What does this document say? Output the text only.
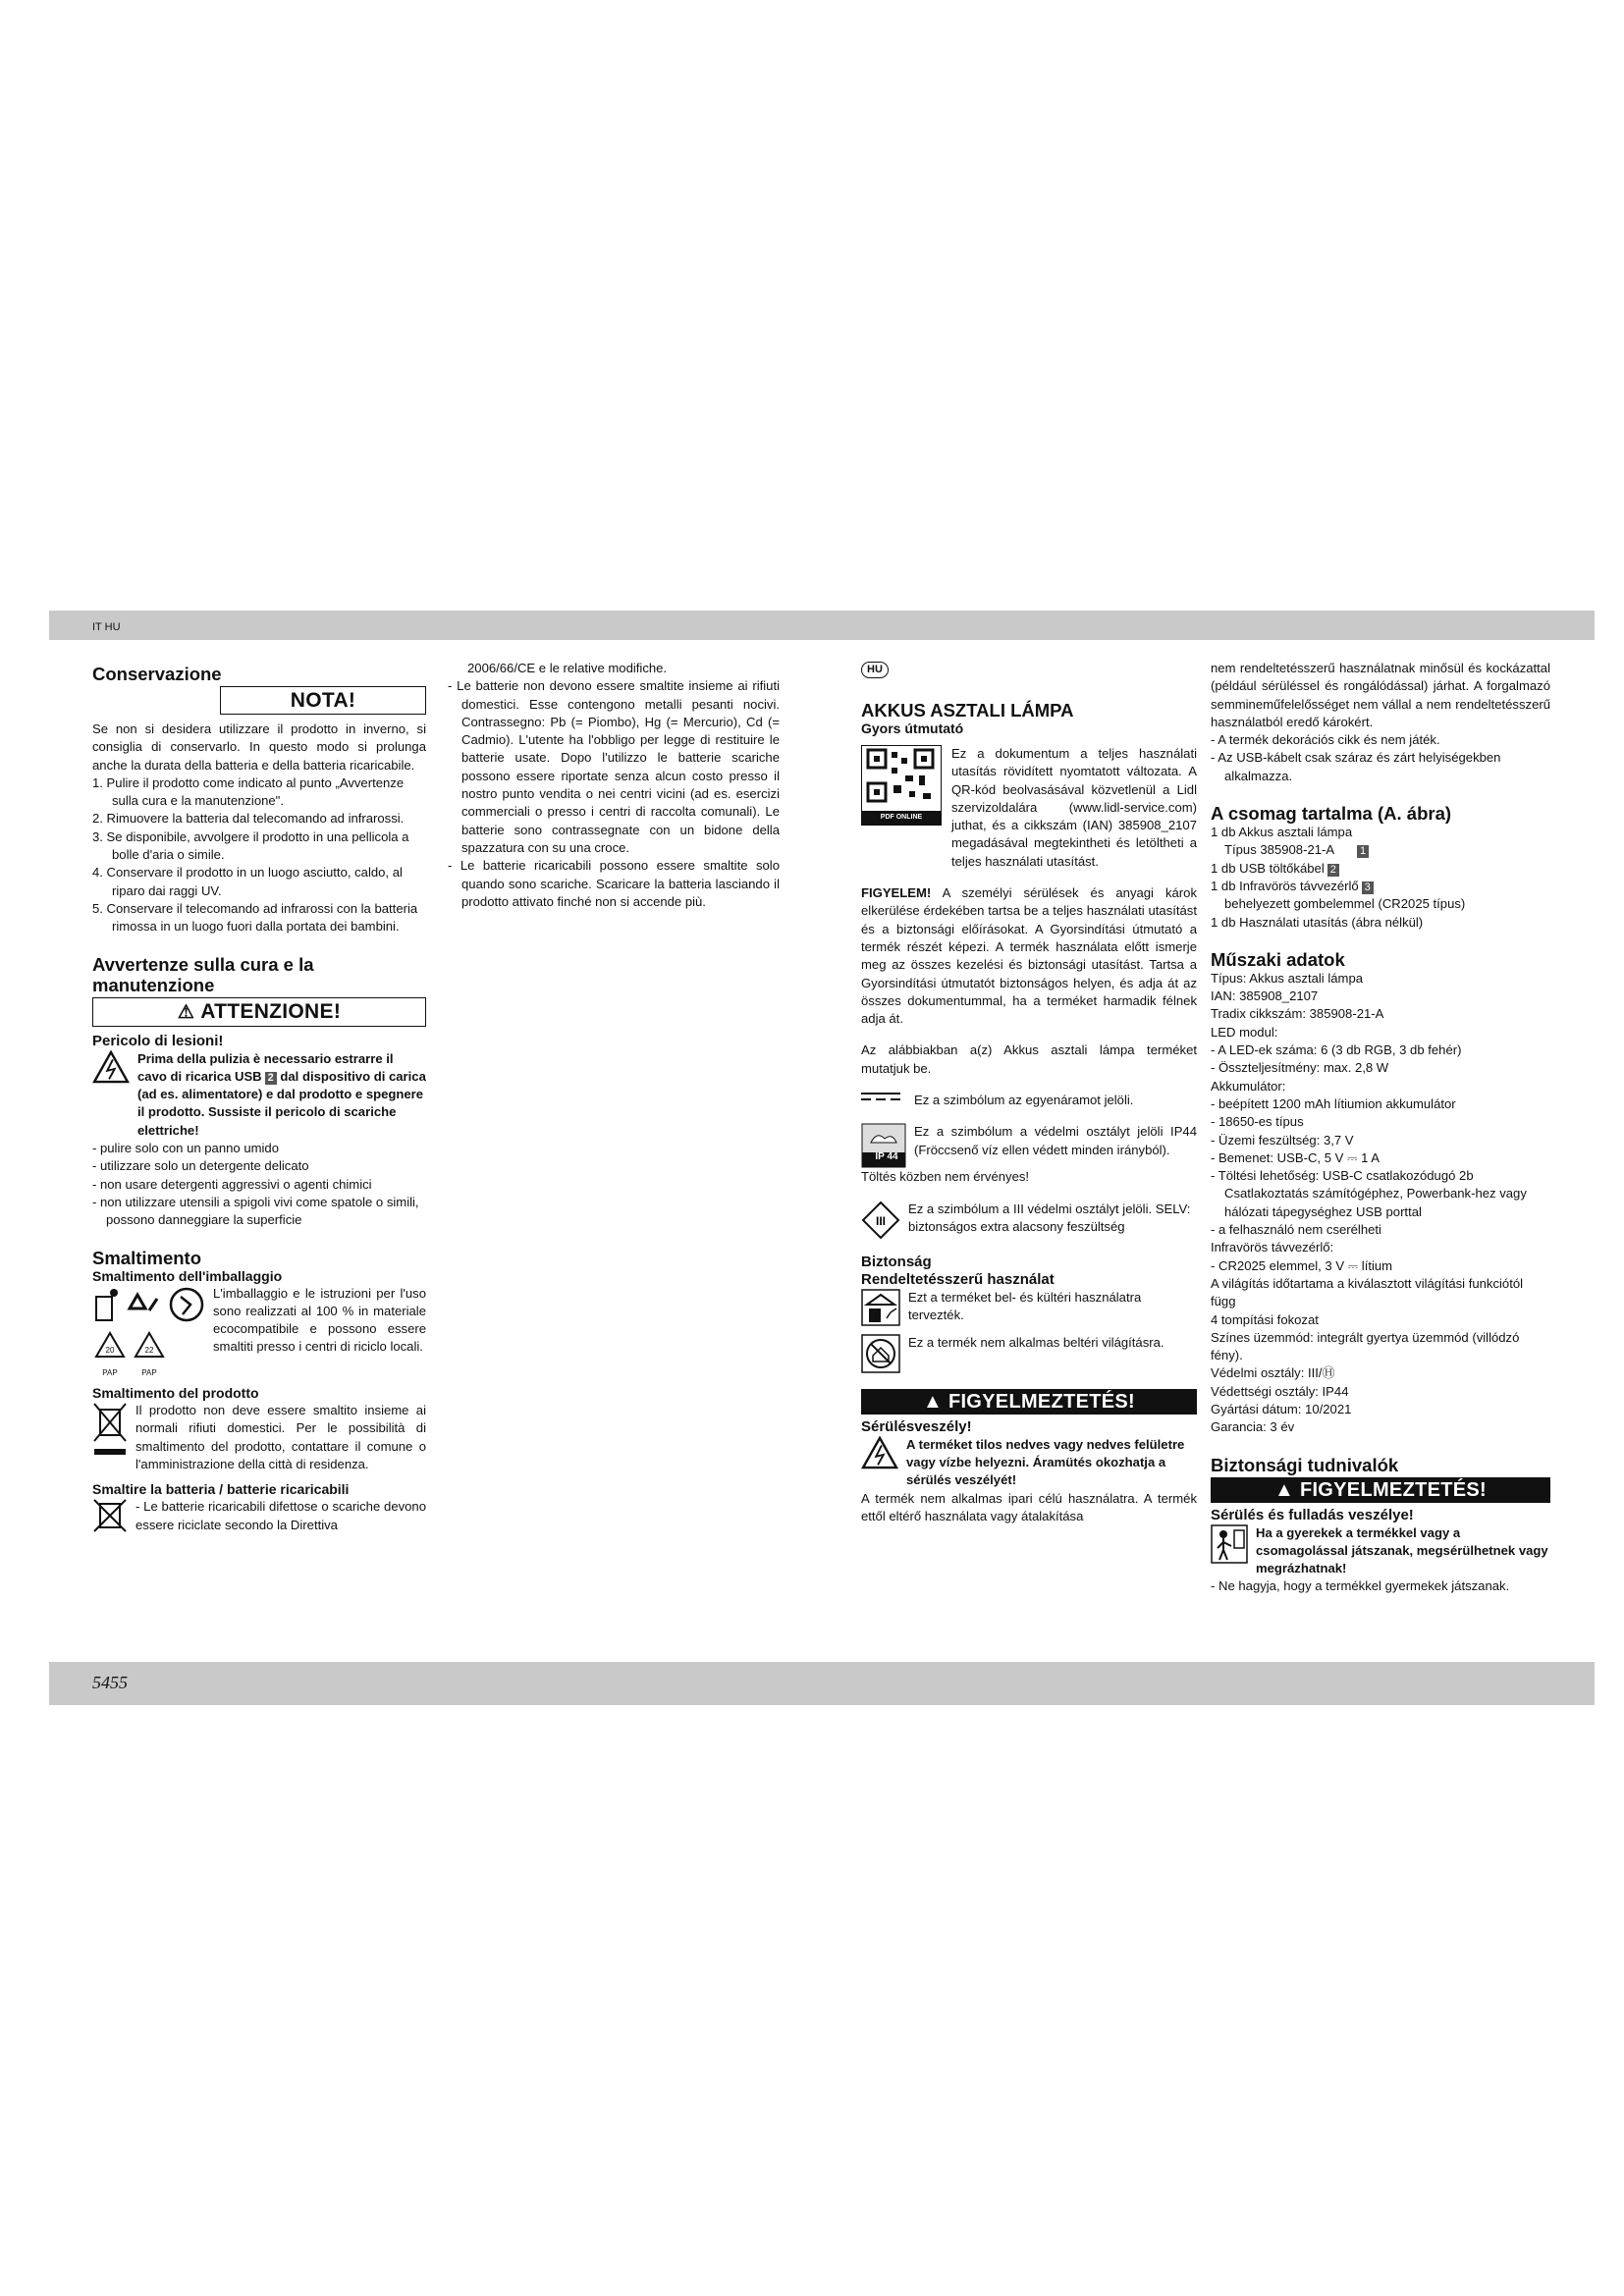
IT HU
Conservazione
NOTA!

Se non si desidera utilizzare il prodotto in inverno, si consiglia di conservarlo. In questo modo si prolunga anche la durata della batteria e della batteria ricaricabile.

1. Pulire il prodotto come indicato al punto „Avvertenze sulla cura e la manutenzione".

2. Rimuovere la batteria dal telecomando ad infrarossi.

3. Se disponibile, avvolgere il prodotto in una pellicola a bolle d'aria o simile.

4. Conservare il prodotto in un luogo asciutto, caldo, al riparo dai raggi UV.

5. Conservare il telecomando ad infrarossi con la batteria rimossa in un luogo fuori dalla portata dei bambini.

Avvertenze sulla cura e la manutenzione
⚠ ATTENZIONE!
Pericolo di lesioni!

Prima della pulizia è necessario estrarre il cavo di ricarica USB 2 dal dispositivo di carica (ad es. alimentatore) e dal prodotto e spegnere il prodotto. Sussiste il pericolo di scariche elettriche!

- pulire solo con un panno umido

- utilizzare solo un detergente delicato

- non usare detergenti aggressivi o agenti chimici

- non utilizzare utensili a spigoli vivi come spatole o simili, possono danneggiare la superficie

Smaltimento
Smaltimento dell'imballaggio

20	22
PAP	PAP

L'imballaggio e le istruzioni per l'uso sono realizzati al 100 % in materiale ecocompatibile e possono essere smaltiti presso i centri di riciclo locali.

Smaltimento del prodotto

Il prodotto non deve essere smaltito insieme ai normali rifiuti domestici. Per le possibilità di smaltimento del prodotto, contattare il comune o l'amministrazione della città di residenza.

Smaltire la batteria / batterie ricaricabili

- Le batterie ricaricabili difettose o scariche devono essere riciclate secondo la Direttiva

2006/66/CE e le relative modifiche.

- Le batterie non devono essere smaltite insieme ai rifiuti domestici. Esse contengono metalli pesanti nocivi. Contrassegno: Pb (= Piombo), Hg (= Mercurio), Cd (= Cadmio). L'utente ha l'obbligo per legge di restituire le batterie usate. Dopo l'utilizzo le batterie scariche possono essere riportate senza alcun costo presso il nostro punto vendita o nei centri vicini (ad es. esercizi commerciali o presso i centri di raccolta comunali). Le batterie sono contrassegnate con un bidone della spazzatura con su una croce.

- Le batterie ricaricabili possono essere smaltite solo quando sono scariche. Scaricare la batteria lasciando il prodotto attivato finché non si accende più.

HU
AKKUS ASZTALI LÁMPA
Gyors útmutató
PDF ONLINE

Ez a dokumentum a teljes használati utasítás rövidített nyomtatott változata. A QR-kód beolvasásával közvetlenül a Lidl szervizoldalára (www.lidl-service.com) juthat, és a cikkszám (IAN) 385908_2107 megadásával megtekintheti és letöltheti a teljes használati utasítást.

FIGYELEM! A személyi sérülések és anyagi károk elkerülése érdekében tartsa be a teljes használati utasítást és a biztonsági előírásokat. A Gyorsindítási útmutató a termék részét képezi. A termék használata előtt ismerje meg az összes kezelési és biztonsági utasítást. Tartsa a Gyorsindítási útmutatót biztonságos helyen, és adja át az összes dokumentummal, ha a terméket harmadik félnek adja át.

Az alábbiakban a(z) Akkus asztali lámpa terméket mutatjuk be.

Ez a szimbólum az egyenáramot jelöli.

Ez a szimbólum a védelmi osztályt jelöli IP44 (Fröccsenő víz ellen védett minden irányból).

Töltés közben nem érvényes!

III

Ez a szimbólum a III védelmi osztályt jelöli. SELV: biztonságos extra alacsony feszültség

Biztonság
Rendeltetésszerű használat

Ezt a terméket bel- és kültéri használatra tervezték.

Ez a termék nem alkalmas beltéri világításra.

▲ FIGYELMEZTETÉS!
Sérülésveszély!

A terméket tilos nedves vagy nedves felületre vagy vízbe helyezni. Áramütés okozhatja a sérülés veszélyét!

A termék nem alkalmas ipari célú használatra. A termék ettől eltérő használata vagy átalakítása

nem rendeltetésszerű használatnak minősül és kockázattal (például sérüléssel és rongálódással) járhat. A forgalmazó semmineműfelelősséget nem vállal a nem rendeltetésszerű használatból eredő károkért.

- A termék dekorációs cikk és nem játék.

- Az USB-kábelt csak száraz és zárt helyiségekben alkalmazza.

A csomag tartalma (A. ábra)

1 db Akkus asztali lámpa

Típus 385908-21-A 1

1 db USB töltőkábel 2

1 db Infravörös távvezérlő 3

behelyezett gombelemmel (CR2025 típus)

1 db Használati utasítás (ábra nélkül)

Műszaki adatok

Típus: Akkus asztali lámpa

IAN: 385908_2107

Tradix cikkszám: 385908-21-A

LED modul:

- A LED-ek száma: 6 (3 db RGB, 3 db fehér)

- Összteljesítmény: max. 2,8 W

Akkumulátor:

- beépített 1200 mAh lítiumion akkumulátor

- 18650-es típus

- Üzemi feszültség: 3,7 V

- Bemenet: USB-C, 5 V ⎓ 1 A

- Töltési lehetőség: USB-C csatlakozódugó 2b

Csatlakoztatás számítógéphez, Powerbank-hez vagy hálózati tápegységhez USB porttal

- a felhasználó nem cserélheti

Infravörös távvezérlő:

- CR2025 elemmel, 3 V ⎓ lítium

A világítás időtartama a kiválasztott világítási funkciótól függ

4 tompítási fokozat

Színes üzemmód: integrált gyertya üzemmód (villódzó fény).

Védelmi osztály: III/Ⓗ

Védettségi osztály: IP44

Gyártási dátum: 10/2021

Garancia: 3 év

Biztonsági tudnivalók
▲ FIGYELMEZTETÉS!
Sérülés és fulladás veszélye!

Ha a gyerekek a termékkel vagy a csomagolással játszanak, megsérülhetnek vagy megrázhatnak!

- Ne hagyja, hogy a termékkel gyermekek játszanak.

5455
